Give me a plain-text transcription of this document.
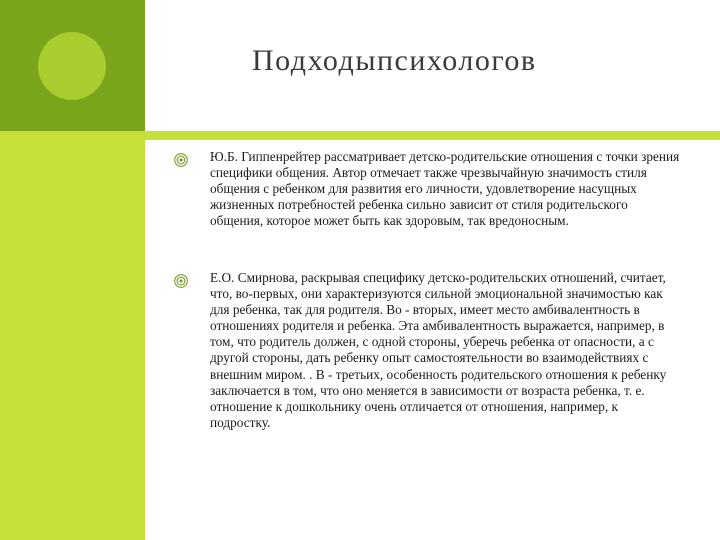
Подходыпсихологов

Ю.Б. Гиппенрейтер рассматривает детско-родительские отношения с точки зрения специфики общения. Автор отмечает также чрезвычайную значимость стиля общения с ребенком для развития его личности, удовлетворение насущных жизненных потребностей ребенка сильно зависит от стиля родительского общения, которое может быть как здоровым, так вредоносным.

Е.О. Смирнова, раскрывая специфику детско-родительских отношений, считает, что, во-первых, они характеризуются сильной эмоциональной значимостью как для ребенка, так для родителя. Во - вторых, имеет место амбивалентность в отношениях родителя и ребенка. Эта амбивалентность выражается, например, в том, что родитель должен, с одной стороны, уберечь ребенка от опасности, а с другой стороны, дать ребенку опыт самостоятельности во взаимодействиях с внешним миром. . В - третьих, особенность родительского отношения к ребенку заключается в том, что оно меняется в зависимости от возраста ребенка, т. е. отношение к дошкольнику очень отличается от отношения, например, к подростку.
